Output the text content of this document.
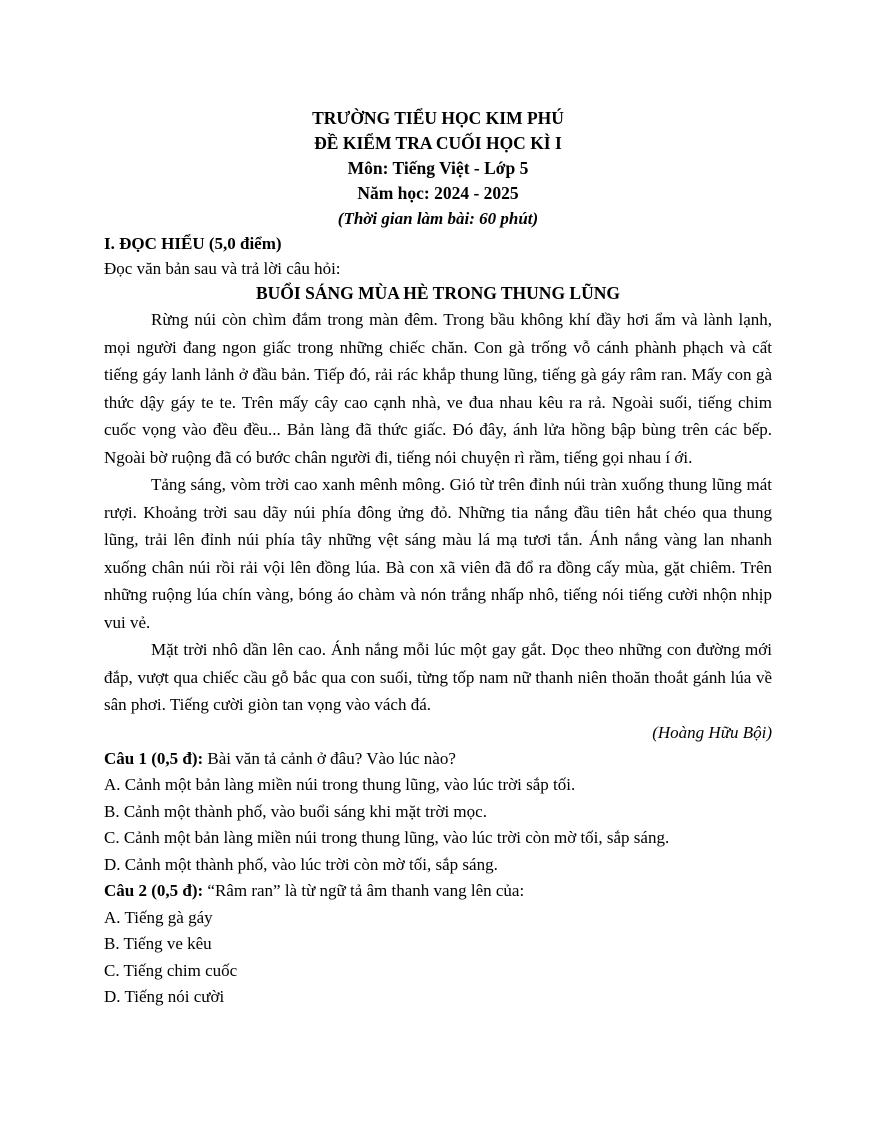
TRƯỜNG TIỂU HỌC KIM PHÚ
ĐỀ KIỂM TRA CUỐI HỌC KÌ I
Môn: Tiếng Việt - Lớp 5
Năm học: 2024 - 2025
(Thời gian làm bài: 60 phút)
I. ĐỌC HIỂU (5,0 điểm)
Đọc văn bản sau và trả lời câu hỏi:
BUỔI SÁNG MÙA HÈ TRONG THUNG LŨNG

Rừng núi còn chìm đắm trong màn đêm. Trong bầu không khí đầy hơi ẩm và lành lạnh, mọi người đang ngon giấc trong những chiếc chăn. Con gà trống vỗ cánh phành phạch và cất tiếng gáy lanh lảnh ở đầu bản. Tiếp đó, rải rác khắp thung lũng, tiếng gà gáy râm ran. Mấy con gà thức dậy gáy te te. Trên mấy cây cao cạnh nhà, ve đua nhau kêu ra rả. Ngoài suối, tiếng chim cuốc vọng vào đều đều... Bản làng đã thức giấc. Đó đây, ánh lửa hồng bập bùng trên các bếp. Ngoài bờ ruộng đã có bước chân người đi, tiếng nói chuyện rì rầm, tiếng gọi nhau í ới.

Tảng sáng, vòm trời cao xanh mênh mông. Gió từ trên đỉnh núi tràn xuống thung lũng mát rượi. Khoảng trời sau dãy núi phía đông ửng đỏ. Những tia nắng đầu tiên hắt chéo qua thung lũng, trải lên đỉnh núi phía tây những vệt sáng màu lá mạ tươi tắn. Ánh nắng vàng lan nhanh xuống chân núi rồi rải vội lên đồng lúa. Bà con xã viên đã đổ ra đồng cấy mùa, gặt chiêm. Trên những ruộng lúa chín vàng, bóng áo chàm và nón trắng nhấp nhô, tiếng nói tiếng cười nhộn nhịp vui vẻ.

Mặt trời nhô dần lên cao. Ánh nắng mỗi lúc một gay gắt. Dọc theo những con đường mới đắp, vượt qua chiếc cầu gỗ bắc qua con suối, từng tốp nam nữ thanh niên thoăn thoắt gánh lúa về sân phơi. Tiếng cười giòn tan vọng vào vách đá.

(Hoàng Hữu Bội)
Câu 1 (0,5 đ): Bài văn tả cảnh ở đâu? Vào lúc nào?
A. Cảnh một bản làng miền núi trong thung lũng, vào lúc trời sắp tối.
B. Cảnh một thành phố, vào buổi sáng khi mặt trời mọc.
C. Cảnh một bản làng miền núi trong thung lũng, vào lúc trời còn mờ tối, sắp sáng.
D. Cảnh một thành phố, vào lúc trời còn mờ tối, sắp sáng.
Câu 2 (0,5 đ): “Râm ran” là từ ngữ tả âm thanh vang lên của:
A. Tiếng gà gáy
B. Tiếng ve kêu
C. Tiếng chim cuốc
D. Tiếng nói cười
